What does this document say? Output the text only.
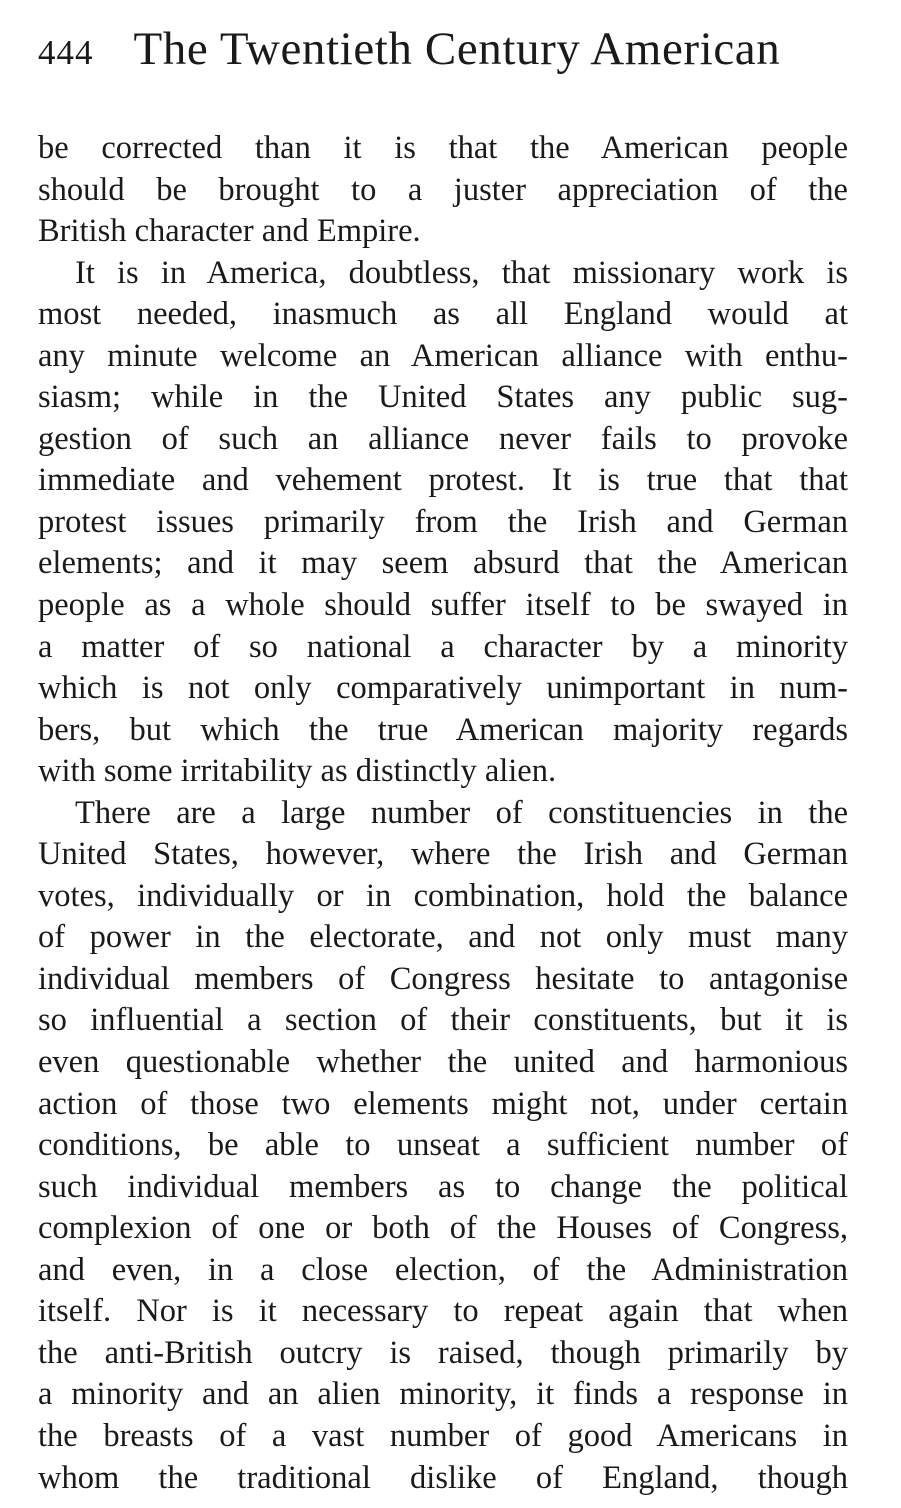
444 The Twentieth Century American
be corrected than it is that the American people
should be brought to a juster appreciation of the
British character and Empire.
It is in America, doubtless, that missionary work is
most needed, inasmuch as all England would at
any minute welcome an American alliance with enthu-
siasm; while in the United States any public sug-
gestion of such an alliance never fails to provoke
immediate and vehement protest. It is true that that
protest issues primarily from the Irish and German
elements; and it may seem absurd that the American
people as a whole should suffer itself to be swayed in
a matter of so national a character by a minority
which is not only comparatively unimportant in num-
bers, but which the true American majority regards
with some irritability as distinctly alien.
There are a large number of constituencies in the
United States, however, where the Irish and German
votes, individually or in combination, hold the balance
of power in the electorate, and not only must many
individual members of Congress hesitate to antagonise
so influential a section of their constituents, but it is
even questionable whether the united and harmonious
action of those two elements might not, under certain
conditions, be able to unseat a sufficient number of
such individual members as to change the political
complexion of one or both of the Houses of Congress,
and even, in a close election, of the Administration
itself. Nor is it necessary to repeat again that when
the anti-British outcry is raised, though primarily by
a minority and an alien minority, it finds a response in
the breasts of a vast number of good Americans in
whom the traditional dislike of England, though
